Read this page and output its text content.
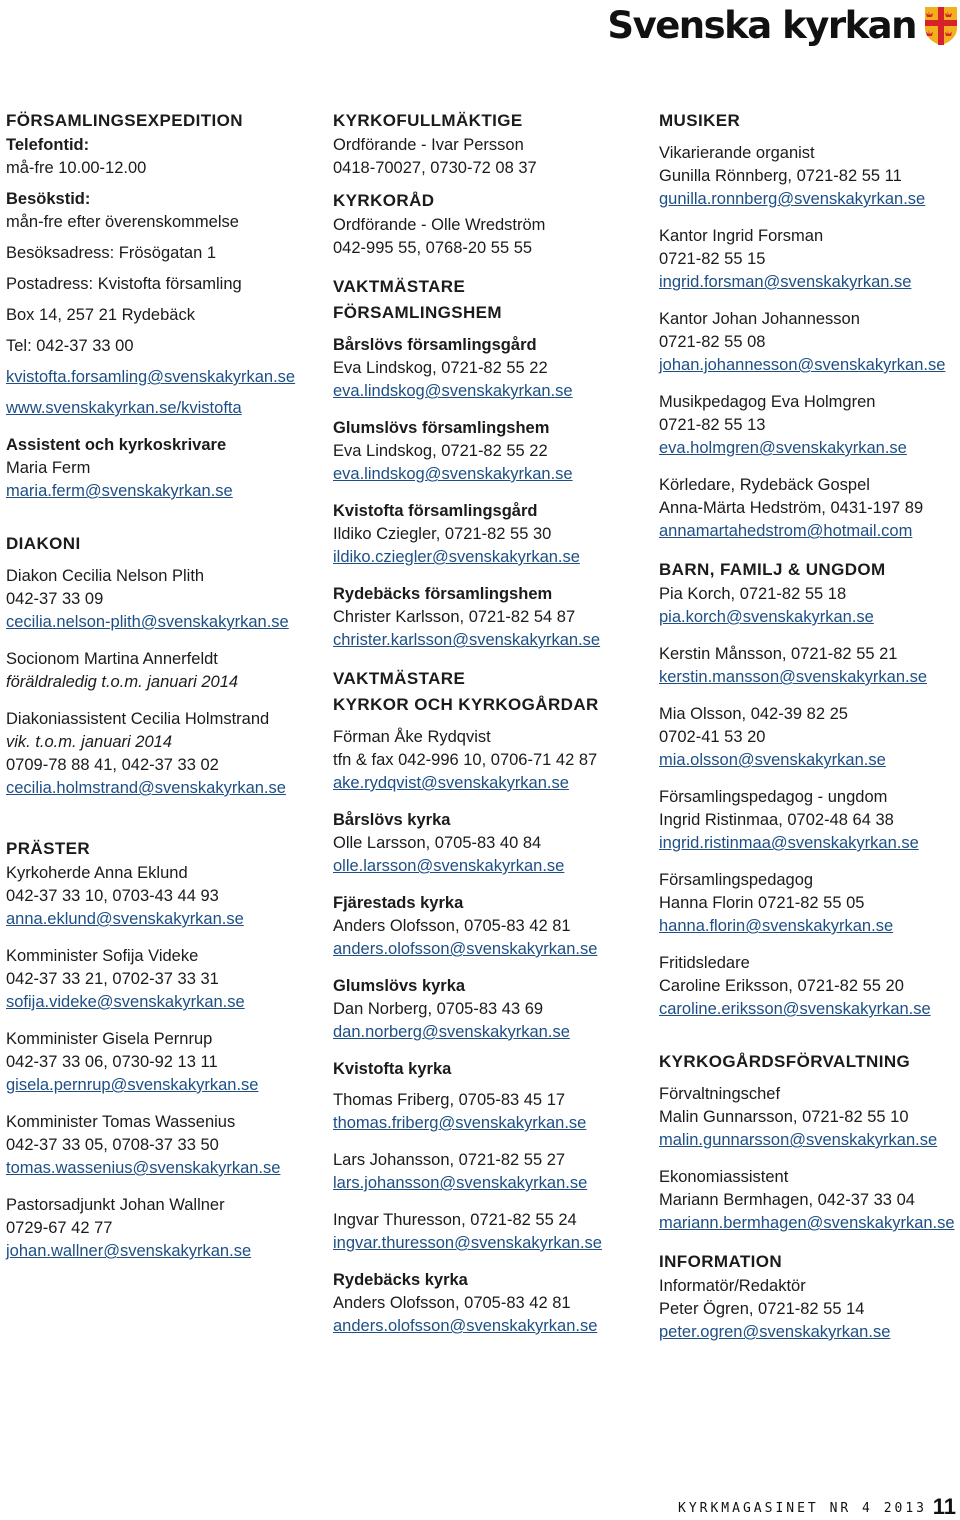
Svenska kyrkan
FÖRSAMLINGSEXPEDITION
Telefontid:
må-fre 10.00-12.00
Besökstid:
mån-fre efter överenskommelse
Besöksadress: Frösögatan 1
Postadress: Kvistofta församling
Box 14, 257 21 Rydebäck
Tel: 042-37 33 00
kvistofta.forsamling@svenskakyrkan.se
www.svenskakyrkan.se/kvistofta
Assistent och kyrkoskrivare
Maria Ferm
maria.ferm@svenskakyrkan.se
DIAKONI
Diakon Cecilia Nelson Plith
042-37 33 09
cecilia.nelson-plith@svenskakyrkan.se
Socionom Martina Annerfeldt
föräldraledig t.o.m. januari 2014
Diakoniassistent Cecilia Holmstrand
vik. t.o.m. januari 2014
0709-78 88 41, 042-37 33 02
cecilia.holmstrand@svenskakyrkan.se
PRÄSTER
Kyrkoherde Anna Eklund
042-37 33 10, 0703-43 44 93
anna.eklund@svenskakyrkan.se
Komminister Sofija Videke
042-37 33 21, 0702-37 33 31
sofija.videke@svenskakyrkan.se
Komminister Gisela Pernrup
042-37 33 06, 0730-92 13 11
gisela.pernrup@svenskakyrkan.se
Komminister Tomas Wassenius
042-37 33 05, 0708-37 33 50
tomas.wassenius@svenskakyrkan.se
Pastorsadjunkt Johan Wallner
0729-67 42 77
johan.wallner@svenskakyrkan.se
KYRKOFULLMÄKTIGE
Ordförande - Ivar Persson
0418-70027, 0730-72 08 37
KYRKORÅD
Ordförande - Olle Wredström
042-995 55, 0768-20 55 55
VAKTMÄSTARE
FÖRSAMLINGSHEM
Bårslövs församlingsgård
Eva Lindskog, 0721-82 55 22
eva.lindskog@svenskakyrkan.se
Glumslövs församlingshem
Eva Lindskog, 0721-82 55 22
eva.lindskog@svenskakyrkan.se
Kvistofta församlingsgård
Ildiko Cziegler, 0721-82 55 30
ildiko.cziegler@svenskakyrkan.se
Rydebäcks församlingshem
Christer Karlsson, 0721-82 54 87
christer.karlsson@svenskakyrkan.se
VAKTMÄSTARE
KYRKOR OCH KYRKOGÅRDAR
Förman Åke Rydqvist
tfn & fax 042-996 10, 0706-71 42 87
ake.rydqvist@svenskakyrkan.se
Bårslövs kyrka
Olle Larsson, 0705-83 40 84
olle.larsson@svenskakyrkan.se
Fjärestads kyrka
Anders Olofsson, 0705-83 42 81
anders.olofsson@svenskakyrkan.se
Glumslövs kyrka
Dan Norberg, 0705-83 43 69
dan.norberg@svenskakyrkan.se
Kvistofta kyrka
Thomas Friberg, 0705-83 45 17
thomas.friberg@svenskakyrkan.se
Lars Johansson, 0721-82 55 27
lars.johansson@svenskakyrkan.se
Ingvar Thuresson, 0721-82 55 24
ingvar.thuresson@svenskakyrkan.se
Rydebäcks kyrka
Anders Olofsson, 0705-83 42 81
anders.olofsson@svenskakyrkan.se
MUSIKER
Vikarierande organist
Gunilla Rönnberg, 0721-82 55 11
gunilla.ronnberg@svenskakyrkan.se
Kantor Ingrid Forsman
0721-82 55 15
ingrid.forsman@svenskakyrkan.se
Kantor Johan Johannesson
0721-82 55 08
johan.johannesson@svenskakyrkan.se
Musikpedagog Eva Holmgren
0721-82 55 13
eva.holmgren@svenskakyrkan.se
Körledare, Rydebäck Gospel
Anna-Märta Hedström, 0431-197 89
annamartahedstrom@hotmail.com
BARN, FAMILJ & UNGDOM
Pia Korch, 0721-82 55 18
pia.korch@svenskakyrkan.se
Kerstin Månsson, 0721-82 55 21
kerstin.mansson@svenskakyrkan.se
Mia Olsson, 042-39 82 25
0702-41 53 20
mia.olsson@svenskakyrkan.se
Församlingspedagog - ungdom
Ingrid Ristinmaa, 0702-48 64 38
ingrid.ristinmaa@svenskakyrkan.se
Församlingspedagog
Hanna Florin 0721-82 55 05
hanna.florin@svenskakyrkan.se
Fritidsledare
Caroline Eriksson, 0721-82 55 20
caroline.eriksson@svenskakyrkan.se
KYRKOGÅRDSFÖRVALTNING
Förvaltningschef
Malin Gunnarsson, 0721-82 55 10
malin.gunnarsson@svenskakyrkan.se
Ekonomiassistent
Mariann Bermhagen, 042-37 33 04
mariann.bermhagen@svenskakyrkan.se
INFORMATION
Informatör/Redaktör
Peter Ögren, 0721-82 55 14
peter.ogren@svenskakyrkan.se
KYRKMAGASINET NR 4 2013 11
